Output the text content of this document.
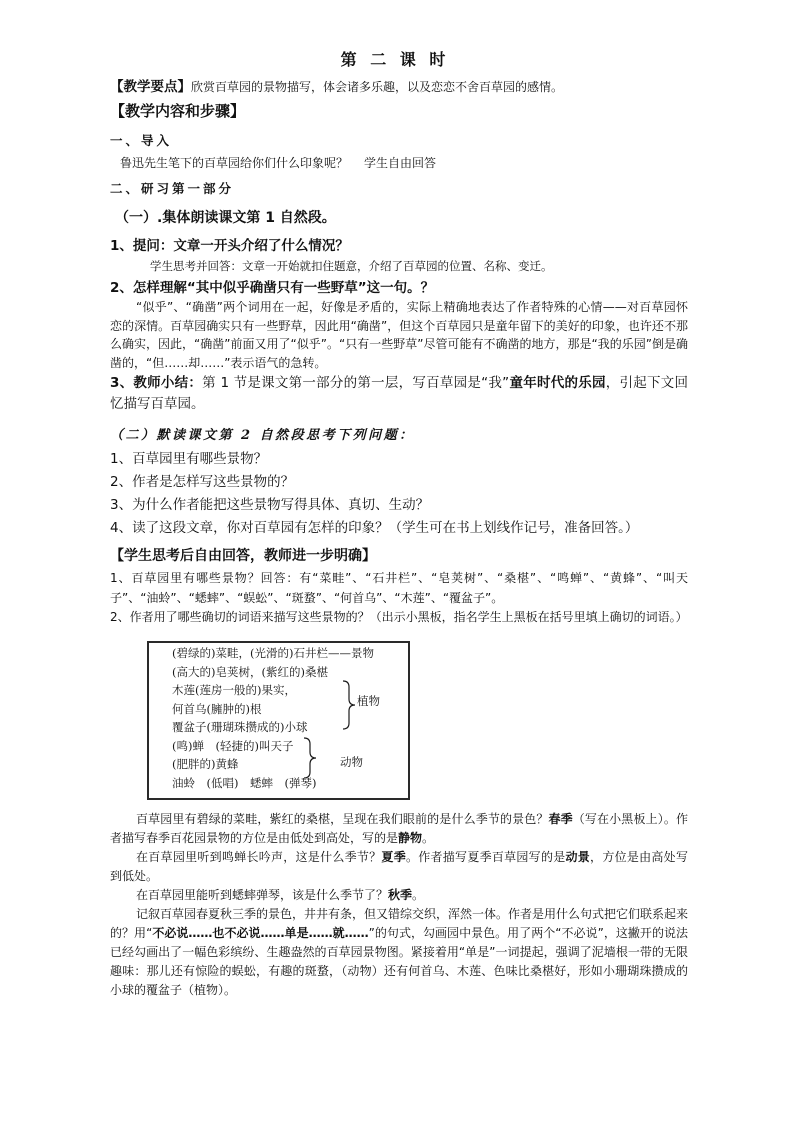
第 二 课 时
【教学要点】欣赏百草园的景物描写，体会诸多乐趣，以及恋恋不舍百草园的感情。
【教学内容和步骤】
一、导入
鲁迅先生笔下的百草园给你们什么印象呢？ 学生自由回答
二、研习第一部分
（一）.集体朗读课文第 1 自然段。
1、提问：文章一开头介绍了什么情况？
学生思考并回答：文章一开始就扣住题意，介绍了百草园的位置、名称、变迁。
2、怎样理解“其中似乎确凿只有一些野草”这一句。？
“似乎”、“确凿”两个词用在一起，好像是矛盾的，实际上精确地表达了作者特殊的心情——对百草园怀恋的深情。百草园确实只有一些野草，因此用“确凿”，但这个百草园只是童年留下的美好的印象，也许还不那么确实，因此，“确凿”前面又用了“似乎”。“只有一些野草”尽管可能有不确凿的地方，那是“我的乐园”倒是确凿的，“但……却……”表示语气的急转。
3、教师小结：第 1 节是课文第一部分的第一层，写百草园是“我”童年时代的乐园，引起下文回忆描写百草园。
（二）默读课文第 2 自然段思考下列问题：
1、百草园里有哪些景物？
2、作者是怎样写这些景物的？
3、为什么作者能把这些景物写得具体、真切、生动？
4、读了这段文章，你对百草园有怎样的印象？（学生可在书上划线作记号，准备回答。）
【学生思考后自由回答，教师进一步明确】
1、百草园里有哪些景物？回答：有“菜畦”、“石井栏”、“皂荚树”、“桑椹”、“鸣蝉”、“黄蜂”、“叫天子”、“油蛉”、“蟋蟀”、“蜈蚣”、“斑蝥”、“何首乌”、“木莲”、“覆盆子”。
2、作者用了哪些确切的词语来描写这些景物的？（出示小黑板，指名学生上黑板在括号里填上确切的词语。）
(碧绿的)菜畦，(光滑的)石井栏——景物
(高大的)皂荚树，(紫红的)桑椹
木莲(莲房一般的)果实，
何首乌(臃肿的)根
覆盆子(珊瑚珠攒成的)小球
(鸣)蝉　(轻捷的)叫天子
(肥胖的)黄蜂
油蛉　(低唱)　蟋蟀　(弹琴)
植物
动物
百草园里有碧绿的菜畦，紫红的桑椹，呈现在我们眼前的是什么季节的景色？春季（写在小黑板上）。作者描写春季百花园景物的方位是由低处到高处，写的是静物。
在百草园里听到鸣蝉长吟声，这是什么季节？夏季。作者描写夏季百草园写的是动景，方位是由高处写到低处。
在百草园里能听到蟋蟀弹琴，该是什么季节了？秋季。
记叙百草园春夏秋三季的景色，井井有条，但又错综交织，浑然一体。作者是用什么句式把它们联系起来的？用“不必说……也不必说……单是……就……”的句式，勾画园中景色。用了两个“不必说”，这撇开的说法已经勾画出了一幅色彩缤纷、生趣盎然的百草园景物图。紧接着用“单是”一词提起，强调了泥墙根一带的无限趣味：那儿还有惊险的蜈蚣，有趣的斑蝥，（动物）还有何首乌、木莲、色味比桑椹好，形如小珊瑚珠攒成的小球的覆盆子（植物）。
